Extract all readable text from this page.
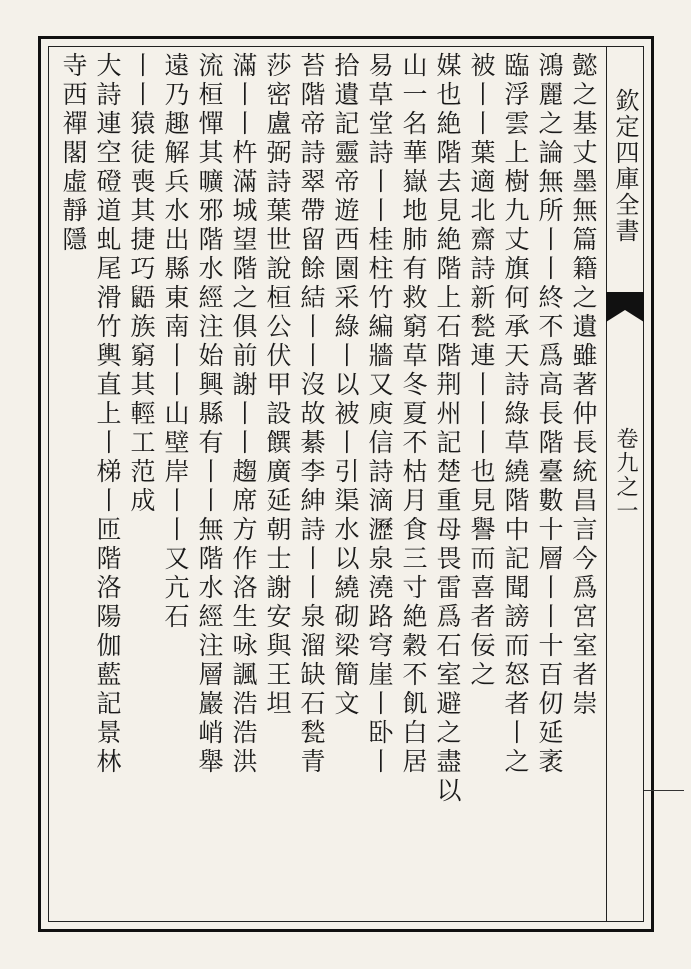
欽定四庫全書
卷九之一
懿之基丈墨無篇籍之遺雖著仲長統昌言今爲宮室者崇
鴻麗之論無所丨丨終不爲高長階臺數十層丨丨十百仞延袤
臨浮雲上樹九丈旗何承天詩綠草繞階中記聞謗而怒者丨之
被丨丨葉適北齋詩新甃連丨丨丨也見譽而喜者佞之
媒也絶階去見絶階上石階荆州記楚重母畏雷爲石室避之盡以
山一名華嶽地肺有救窮草冬夏不枯月食三寸絶穀不飢白居
易草堂詩丨丨桂柱竹編牆又庾信詩滴瀝泉澆路穹崖丨卧丨
拾遺記靈帝遊西園采綠丨以被丨引渠水以繞砌梁簡文
苔階帝詩翠帶留餘結丨丨沒故綦李紳詩丨丨泉溜缺石甃青
莎密盧弼詩葉世說桓公伏甲設饌廣延朝士謝安與王坦
滿丨丨杵滿城望階之俱前謝丨丨趨席方作洛生咏諷浩浩洪
流桓憚其曠邪階水經注始興縣有丨丨無階水經注層巖峭舉
遠乃趣解兵水出縣東南丨丨山壁岸丨丨又亢石
丨丨猿徒喪其捷巧鼯族窮其輕工范成
大詩連空磴道虬尾滑竹輿直上丨梯丨匝階洛陽伽藍記景林
寺西禪閣虛靜隱
